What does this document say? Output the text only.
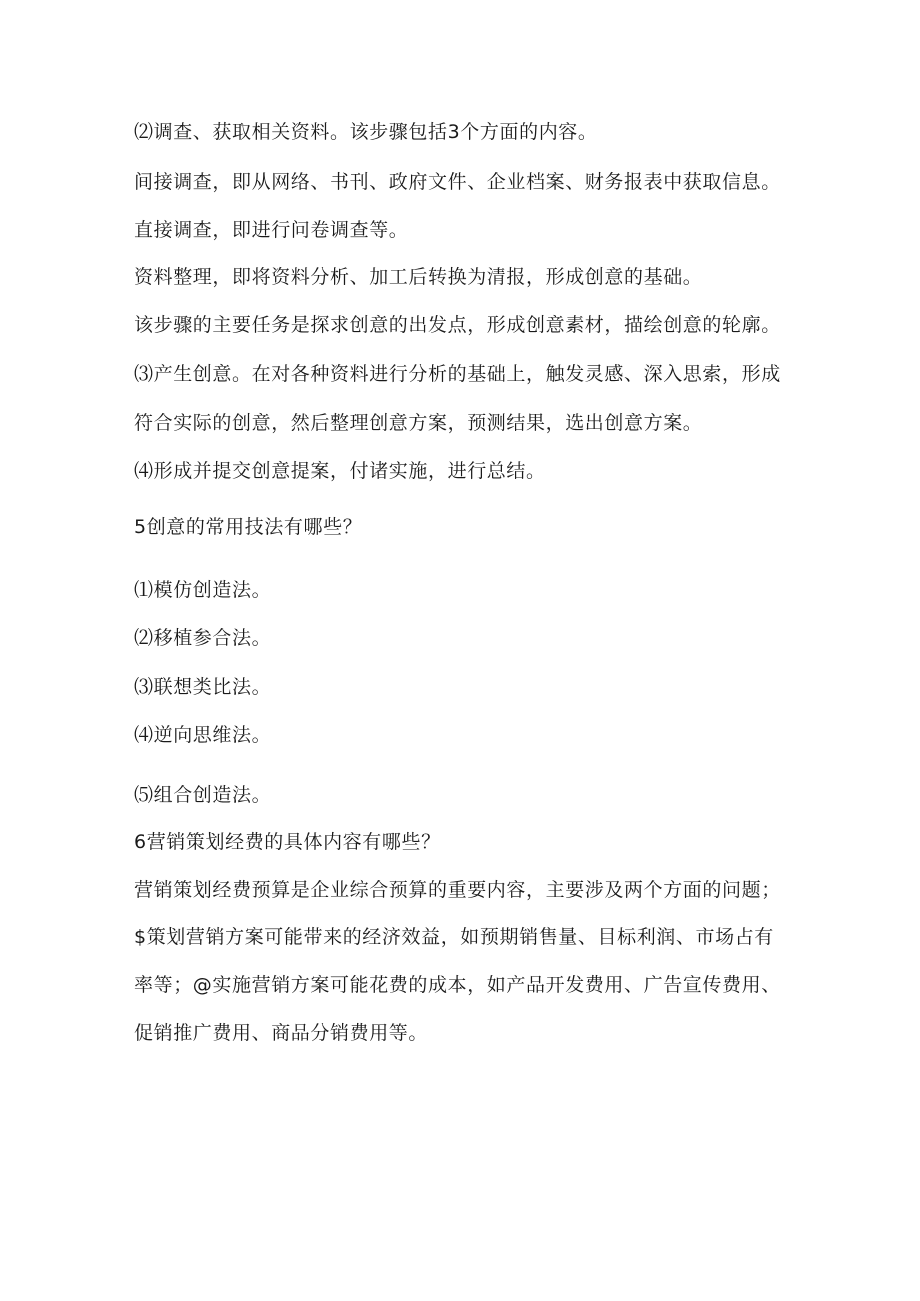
⑵调查、获取相关资料。该步骤包括3个方面的内容。
间接调查，即从网络、书刊、政府文件、企业档案、财务报表中获取信息。
直接调查，即进行问卷调查等。
资料整理，即将资料分析、加工后转换为清报，形成创意的基础。
该步骤的主要任务是探求创意的出发点，形成创意素材，描绘创意的轮廓。
⑶产生创意。在对各种资料进行分析的基础上，触发灵感、深入思索，形成
符合实际的创意，然后整理创意方案，预测结果，选出创意方案。
⑷形成并提交创意提案，付诸实施，进行总结。
5创意的常用技法有哪些？
⑴模仿创造法。
⑵移植参合法。
⑶联想类比法。
⑷逆向思维法。
⑸组合创造法。
6营销策划经费的具体内容有哪些？
营销策划经费预算是企业综合预算的重要内容，主要涉及两个方面的问题；
$策划营销方案可能带来的经济效益，如预期销售量、目标利润、市场占有
率等；@实施营销方案可能花费的成本，如产品开发费用、广告宣传费用、
促销推广费用、商品分销费用等。
